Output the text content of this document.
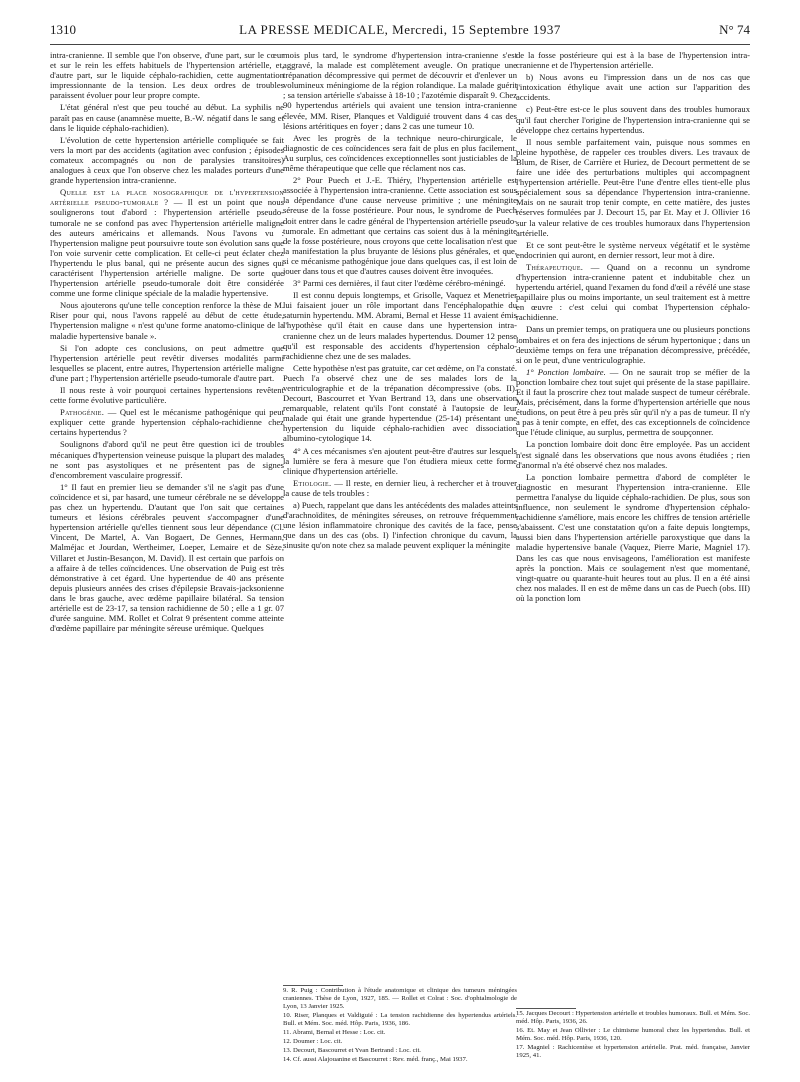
1310	LA PRESSE MEDICALE, Mercredi, 15 Septembre 1937	N° 74

intra-cranienne. Il semble que l'on observe, d'une part, sur le cœur et sur le rein les effets habituels de l'hypertension artérielle, et, d'autre part, sur le liquide céphalo-rachidien, cette augmentation impressionnante de la tension. Les deux ordres de troubles paraissent évoluer pour leur propre compte.

L'état général n'est que peu touché au début. La syphilis ne paraît pas en cause (anamnèse muette, B.-W. négatif dans le sang et dans le liquide céphalo-rachidien).

L'évolution de cette hypertension artérielle compliquée se fait vers la mort par des accidents (agitation avec confusion ; épisodes comateux accompagnés ou non de paralysies transitoires) analogues à ceux que l'on observe chez les malades porteurs d'une grande hypertension intra-cranienne.

Quelle est la place nosographique de l'hypertension artérielle pseudo-tumorale ? — Il est un point que nous soulignerons tout d'abord : l'hypertension artérielle pseudo-tumorale ne se confond pas avec l'hypertension artérielle maligne des auteurs américains et allemands. Nous l'avons vu : l'hypertension maligne peut poursuivre toute son évolution sans que l'on voie survenir cette complication. Et celle-ci peut éclater chez l'hypertendu le plus banal, qui ne présente aucun des signes qui caractérisent l'hypertension artérielle maligne. De sorte que l'hypertension artérielle pseudo-tumorale doit être considérée comme une forme clinique spéciale de la maladie hypertensive.

Nous ajouterons qu'une telle conception renforce la thèse de M. Riser pour qui, nous l'avons rappelé au début de cette étude, l'hypertension maligne « n'est qu'une forme anatomo-clinique de la maladie hypertensive banale ».

Si l'on adopte ces conclusions, on peut admettre que l'hypertension artérielle peut revêtir diverses modalités parmi lesquelles se placent, entre autres, l'hypertension artérielle maligne d'une part ; l'hypertension artérielle pseudo-tumorale d'autre part.

Il nous reste à voir pourquoi certaines hypertensions revêtent cette forme évolutive particulière.

Pathogénie. — Quel est le mécanisme pathogénique qui peut expliquer cette grande hypertension céphalo-rachidienne chez certains hypertendus ?

Soulignons d'abord qu'il ne peut être question ici de troubles mécaniques d'hypertension veineuse puisque la plupart des malades ne sont pas asystoliques et ne présentent pas de signes d'encombrement vasculaire progressif.

1° Il faut en premier lieu se demander s'il ne s'agit pas d'une coïncidence et si, par hasard, une tumeur cérébrale ne se développe pas chez un hypertendu. D'autant que l'on sait que certaines tumeurs et lésions cérébrales peuvent s'accompagner d'une hypertension artérielle qu'elles tiennent sous leur dépendance (Cl. Vincent, De Martel, A. Van Bogaert, De Gennes, Hermann, Malméjac et Jourdan, Wertheimer, Loeper, Lemaire et de Sèze, Villaret et Justin-Besançon, M. David). Il est certain que parfois on a affaire à de telles coïncidences. Une observation de Puig est très démonstrative à cet égard. Une hypertendue de 40 ans présente depuis plusieurs années des crises d'épilepsie Bravais-jacksonienne dans le bras gauche, avec œdème papillaire bilatéral. Sa tension artérielle est de 23-17, sa tension rachidienne de 50 ; elle a 1 gr. 07 d'urée sanguine. MM. Rollet et Colrat 9 présentent comme atteinte d'œdème papillaire par méningite séreuse urémique. Quelques

mois plus tard, le syndrome d'hypertension intra-cranienne s'est aggravé, la malade est complètement aveugle. On pratique une trépanation décompressive qui permet de découvrir et d'enlever un volumineux méningiome de la région rolandique. La malade guérit ; sa tension artérielle s'abaisse à 18-10 ; l'azotémie disparaît 9. Chez 90 hypertendus artériels qui avaient une tension intra-cranienne élevée, MM. Riser, Planques et Valdiguié trouvent dans 4 cas des lésions artéritiques en foyer ; dans 2 cas une tumeur 10.

Avec les progrès de la technique neuro-chirurgicale, le diagnostic de ces coïncidences sera fait de plus en plus facilement. Au surplus, ces coïncidences exceptionnelles sont justiciables de la même thérapeutique que celle que réclament nos cas.

2° Pour Puech et J.-E. Thiéry, l'hypertension artérielle est associée à l'hypertension intra-cranienne. Cette association est sous la dépendance d'une cause nerveuse primitive ; une méningite séreuse de la fosse postérieure. Pour nous, le syndrome de Puech doit entrer dans le cadre général de l'hypertension artérielle pseudo-tumorale. En admettant que certains cas soient dus à la méningite de la fosse postérieure, nous croyons que cette localisation n'est que la manifestation la plus bruyante de lésions plus générales, et que, si ce mécanisme pathogénique joue dans quelques cas, il est loin de jouer dans tous et que d'autres causes doivent être invoquées.

3° Parmi ces dernières, il faut citer l'œdème cérébro-méningé.

Il est connu depuis longtemps, et Grisolle, Vaquez et Menetrier lui faisaient jouer un rôle important dans l'encéphalopathie du saturnin hypertendu. MM. Abrami, Bernal et Hesse 11 avaient émis l'hypothèse qu'il était en cause dans une hypertension intra-cranienne chez un de leurs malades hypertendus. Doumer 12 pense qu'il est responsable des accidents d'hypertension céphalo-rachidienne chez une de ses malades.

Cette hypothèse n'est pas gratuite, car cet œdème, on l'a constaté. Puech l'a observé chez une de ses malades lors de la ventriculographie et de la trépanation décompressive (obs. II). Decourt, Bascourret et Yvan Bertrand 13, dans une observation remarquable, relatent qu'ils l'ont constaté à l'autopsie de leur malade qui était une grande hypertendue (25-14) présentant une hypertension du liquide céphalo-rachidien avec dissociation albumino-cytologique 14.

4° A ces mécanismes s'en ajoutent peut-être d'autres sur lesquels la lumière se fera à mesure que l'on étudiera mieux cette forme clinique d'hypertension artérielle.

Etiologie. — Il reste, en dernier lieu, à rechercher et à trouver la cause de tels troubles :

a) Puech, rappelant que dans les antécédents des malades atteints d'arachnoïdites, de méningites séreuses, on retrouve fréquemment une lésion inflammatoire chronique des cavités de la face, pense que dans un des cas (obs. I) l'infection chronique du cavum, la sinusite qu'on note chez sa malade peuvent expliquer la méningite

de la fosse postérieure qui est à la base de l'hypertension intra-cranienne et de l'hypertension artérielle.

b) Nous avons eu l'impression dans un de nos cas que l'intoxication éthylique avait une action sur l'apparition des accidents.

c) Peut-être est-ce le plus souvent dans des troubles humoraux qu'il faut chercher l'origine de l'hypertension intra-cranienne qui se développe chez certains hypertendus.

Il nous semble parfaitement vain, puisque nous sommes en pleine hypothèse, de rappeler ces troubles divers. Les travaux de Blum, de Riser, de Carrière et Huriez, de Decourt permettent de se faire une idée des perturbations multiples qui accompagnent l'hypertension artérielle. Peut-être l'une d'entre elles tient-elle plus spécialement sous sa dépendance l'hypertension intra-cranienne. Mais on ne saurait trop tenir compte, en cette matière, des justes réserves formulées par J. Decourt 15, par Et. May et J. Ollivier 16 sur la valeur relative de ces troubles humoraux dans l'hypertension artérielle.

Et ce sont peut-être le système nerveux végétatif et le système endocrinien qui auront, en dernier ressort, leur mot à dire.

Thérapeutique. — Quand on a reconnu un syndrome d'hypertension intra-cranienne patent et indubitable chez un hypertendu artériel, quand l'examen du fond d'œil a révélé une stase papillaire plus ou moins importante, un seul traitement est à mettre en œuvre : c'est celui qui combat l'hypertension céphalo-rachidienne.

Dans un premier temps, on pratiquera une ou plusieurs ponctions lombaires et on fera des injections de sérum hypertonique ; dans un deuxième temps on fera une trépanation décompressive, précédée, si on le peut, d'une ventriculographie.

1° Ponction lombaire. — On ne saurait trop se méfier de la ponction lombaire chez tout sujet qui présente de la stase papillaire. Et il faut la proscrire chez tout malade suspect de tumeur cérébrale. Mais, précisément, dans la forme d'hypertension artérielle que nous étudions, on peut être à peu près sûr qu'il n'y a pas de tumeur. Il n'y a pas à tenir compte, en effet, des cas exceptionnels de coïncidence que l'étude clinique, au surplus, permettra de soupçonner.

La ponction lombaire doit donc être employée. Pas un accident n'est signalé dans les observations que nous avons étudiées ; rien d'anormal n'a été observé chez nos malades.

La ponction lombaire permettra d'abord de compléter le diagnostic en mesurant l'hypertension intra-cranienne. Elle permettra l'analyse du liquide céphalo-rachidien. De plus, sous son influence, non seulement le syndrome d'hypertension céphalo-rachidienne s'améliore, mais encore les chiffres de tension artérielle s'abaissent. C'est une constatation qu'on a faite depuis longtemps, aussi bien dans l'hypertension artérielle paroxystique que dans la maladie hypertensive banale (Vaquez, Pierre Marie, Magniel 17). Dans les cas que nous envisageons, l'amélioration est manifeste après la ponction. Mais ce soulagement n'est que momentané, vingt-quatre ou quarante-huit heures tout au plus. Il en a été ainsi chez nos malades. Il en est de même dans un cas de Puech (obs. III) où la ponction lom

9. R. Puig : Contribution à l'étude anatomique et clinique des tumeurs méningées craniennes. Thèse de Lyon, 1927, 185. — Rollet et Colrat : Soc. d'ophtalmologie de Lyon, 13 Janvier 1925.
10. Riser, Planques et Valdiguié : La tension rachidienne des hypertendus artériels. Bull. et Mém. Soc. méd. Hôp. Paris, 1936, 186.
11. Abrami, Bernal et Hesse : Loc. cit.
12. Doumer : Loc. cit.
13. Decourt, Bascourret et Yvan Bertrand : Loc. cit.
14. Cf. aussi Alajouanine et Bascourret : Rev. méd. franç., Mai 1937.
15. Jacques Decourt : Hypertension artérielle et troubles humoraux. Bull. et Mém. Soc. méd. Hôp. Paris, 1936, 26.
16. Et. May et Jean Ollivier : Le chimisme humoral chez les hypertendus. Bull. et Mém. Soc. méd. Hôp. Paris, 1936, 120.
17. Magniel : Rachicentèse et hypertension artérielle. Prat. méd. française, Janvier 1925, 41.
